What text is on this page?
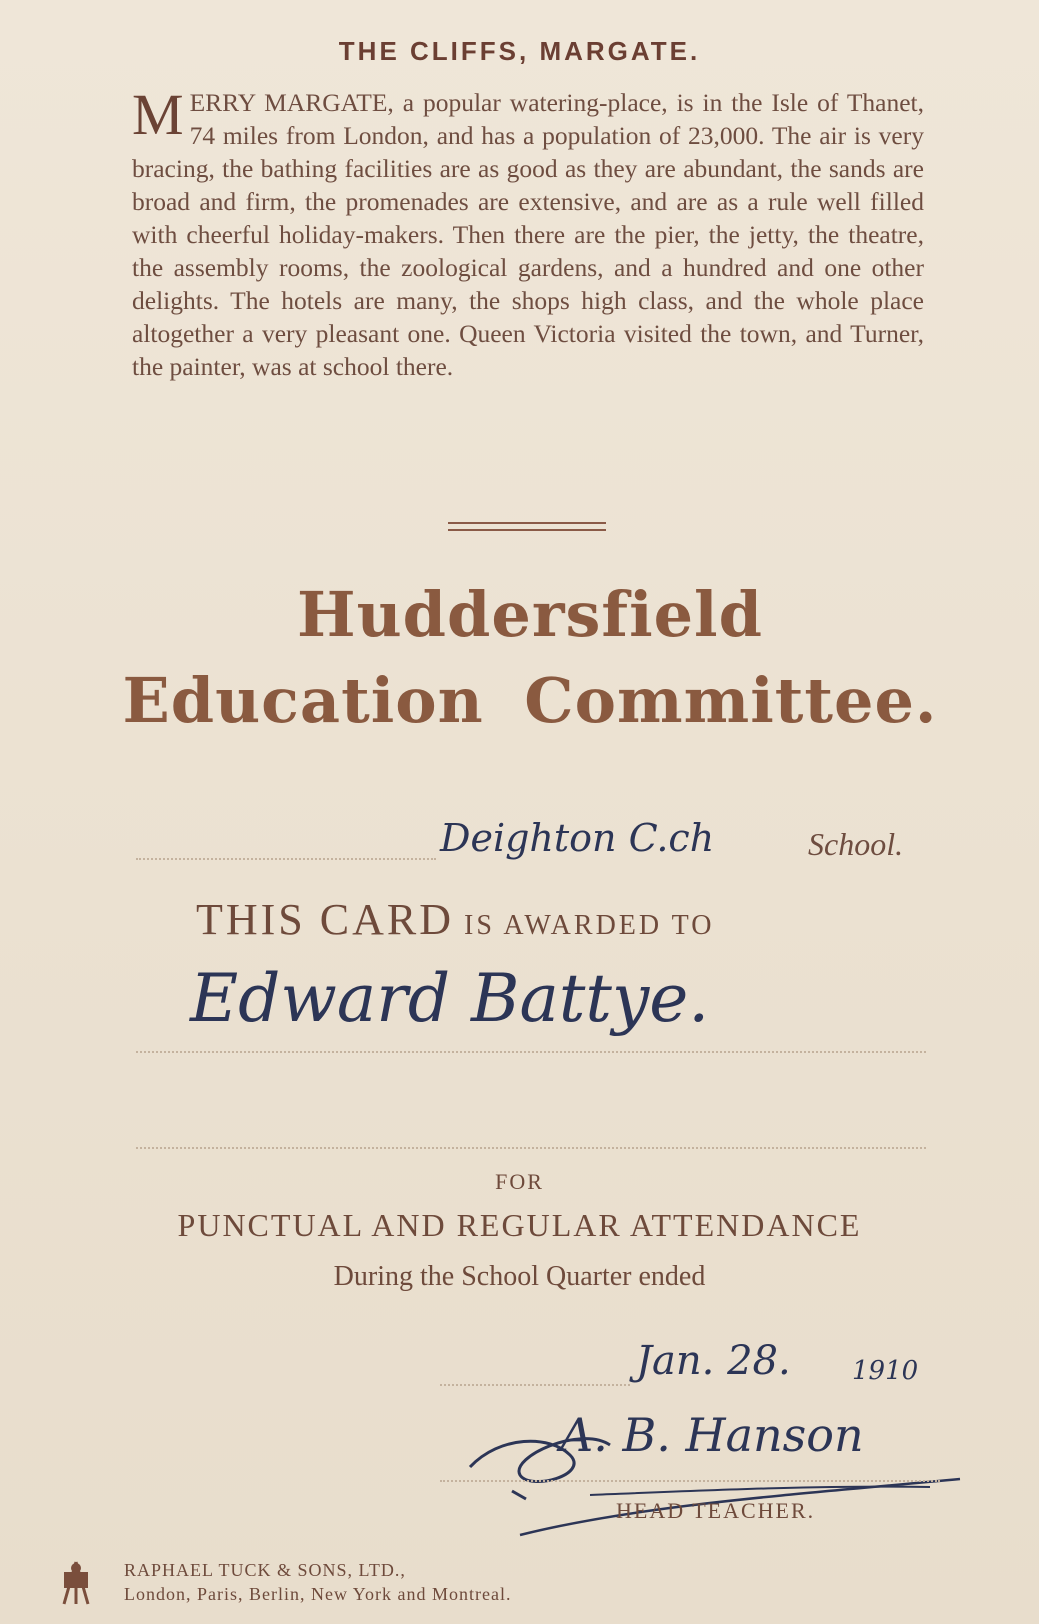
THE CLIFFS, MARGATE.
M ERRY MARGATE, a popular watering-place, is in the Isle of Thanet, 74 miles from London, and has a population of 23,000. The air is very bracing, the bathing facilities are as good as they are abundant, the sands are broad and firm, the promenades are extensive, and are as a rule well filled with cheerful holiday-makers. Then there are the pier, the jetty, the theatre, the assembly rooms, the zoological gardens, and a hundred and one other delights. The hotels are many, the shops high class, and the whole place altogether a very pleasant one. Queen Victoria visited the town, and Turner, the painter, was at school there.
Huddersfield
Education Committee.
Deighton C.ch	School.
THIS CARD IS AWARDED TO
Edward Battye.
FOR
PUNCTUAL AND REGULAR ATTENDANCE
During the School Quarter ended
Jan. 28. 1910
A. B. Hanson
HEAD TEACHER.
RAPHAEL TUCK & SONS, LTD.,
London, Paris, Berlin, New York and Montreal.
